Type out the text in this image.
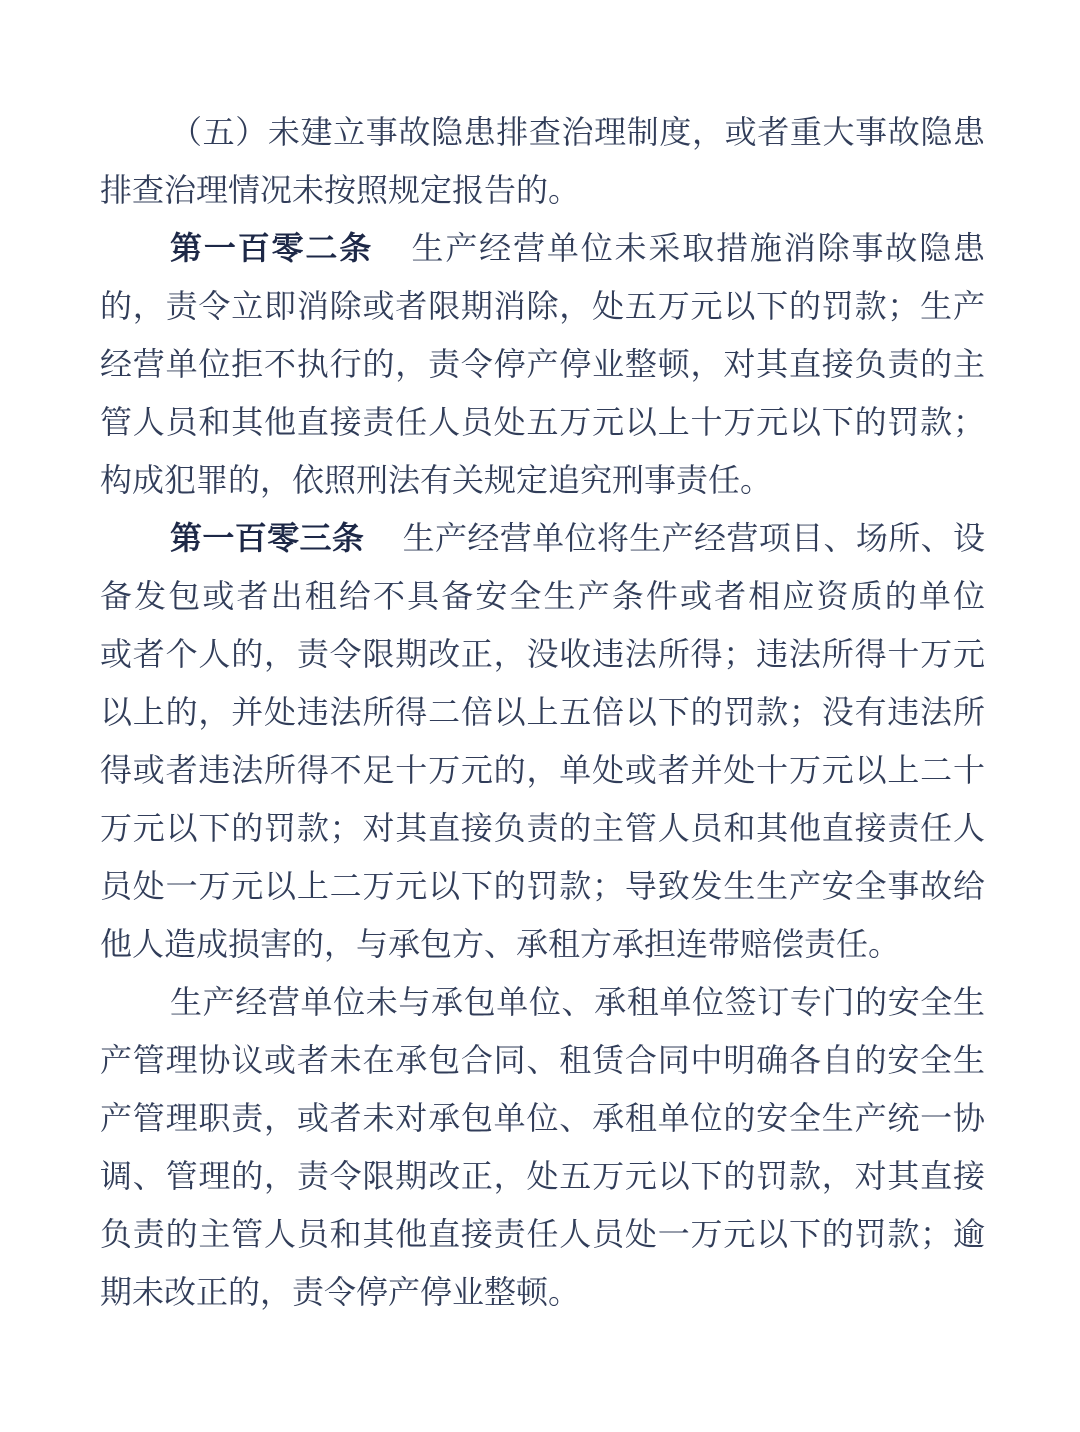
（五）未建立事故隐患排查治理制度，或者重大事故隐患
排查治理情况未按照规定报告的。
第一百零二条 生产经营单位未采取措施消除事故隐患
的，责令立即消除或者限期消除，处五万元以下的罚款；生产
经营单位拒不执行的，责令停产停业整顿，对其直接负责的主
管人员和其他直接责任人员处五万元以上十万元以下的罚款；
构成犯罪的，依照刑法有关规定追究刑事责任。
第一百零三条 生产经营单位将生产经营项目、场所、设
备发包或者出租给不具备安全生产条件或者相应资质的单位
或者个人的，责令限期改正，没收违法所得；违法所得十万元
以上的，并处违法所得二倍以上五倍以下的罚款；没有违法所
得或者违法所得不足十万元的，单处或者并处十万元以上二十
万元以下的罚款；对其直接负责的主管人员和其他直接责任人
员处一万元以上二万元以下的罚款；导致发生生产安全事故给
他人造成损害的，与承包方、承租方承担连带赔偿责任。
生产经营单位未与承包单位、承租单位签订专门的安全生
产管理协议或者未在承包合同、租赁合同中明确各自的安全生
产管理职责，或者未对承包单位、承租单位的安全生产统一协
调、管理的，责令限期改正，处五万元以下的罚款，对其直接
负责的主管人员和其他直接责任人员处一万元以下的罚款；逾
期未改正的，责令停产停业整顿。
